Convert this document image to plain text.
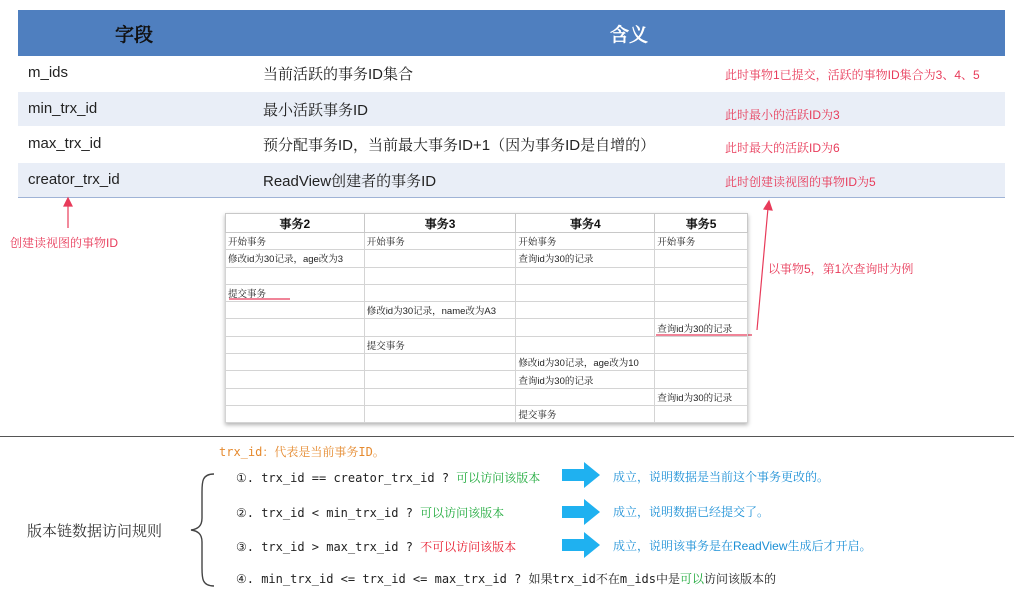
字段	含义
m_ids	当前活跃的事务ID集合	此时事物1已提交，活跃的事物ID集合为3、4、5
min_trx_id	最小活跃事务ID	此时最小的活跃ID为3
max_trx_id	预分配事务ID，当前最大事务ID+1（因为事务ID是自增的）	此时最大的活跃ID为6
creator_trx_id	ReadView创建者的事务ID	此时创建读视图的事物ID为5
创建读视图的事物ID
以事物5，第1次查询时为例
事务2	事务3	事务4	事务5
开始事务	开始事务	开始事务	开始事务
修改id为30记录，age改为3		查询id为30的记录	

提交事务			
	修改id为30记录，name改为A3		
			查询id为30的记录
	提交事务		
		修改id为30记录，age改为10	
		查询id为30的记录	
			查询id为30的记录
		提交事务	
trx_id：代表是当前事务ID。
版本链数据访问规则
①. trx_id == creator_trx_id ? 可以访问该版本
②. trx_id < min_trx_id ? 可以访问该版本
③. trx_id > max_trx_id ? 不可以访问该版本
④. min_trx_id <= trx_id <= max_trx_id ? 如果trx_id不在m_ids中是可以访问该版本的
成立，说明数据是当前这个事务更改的。
成立，说明数据已经提交了。
成立，说明该事务是在ReadView生成后才开启。
